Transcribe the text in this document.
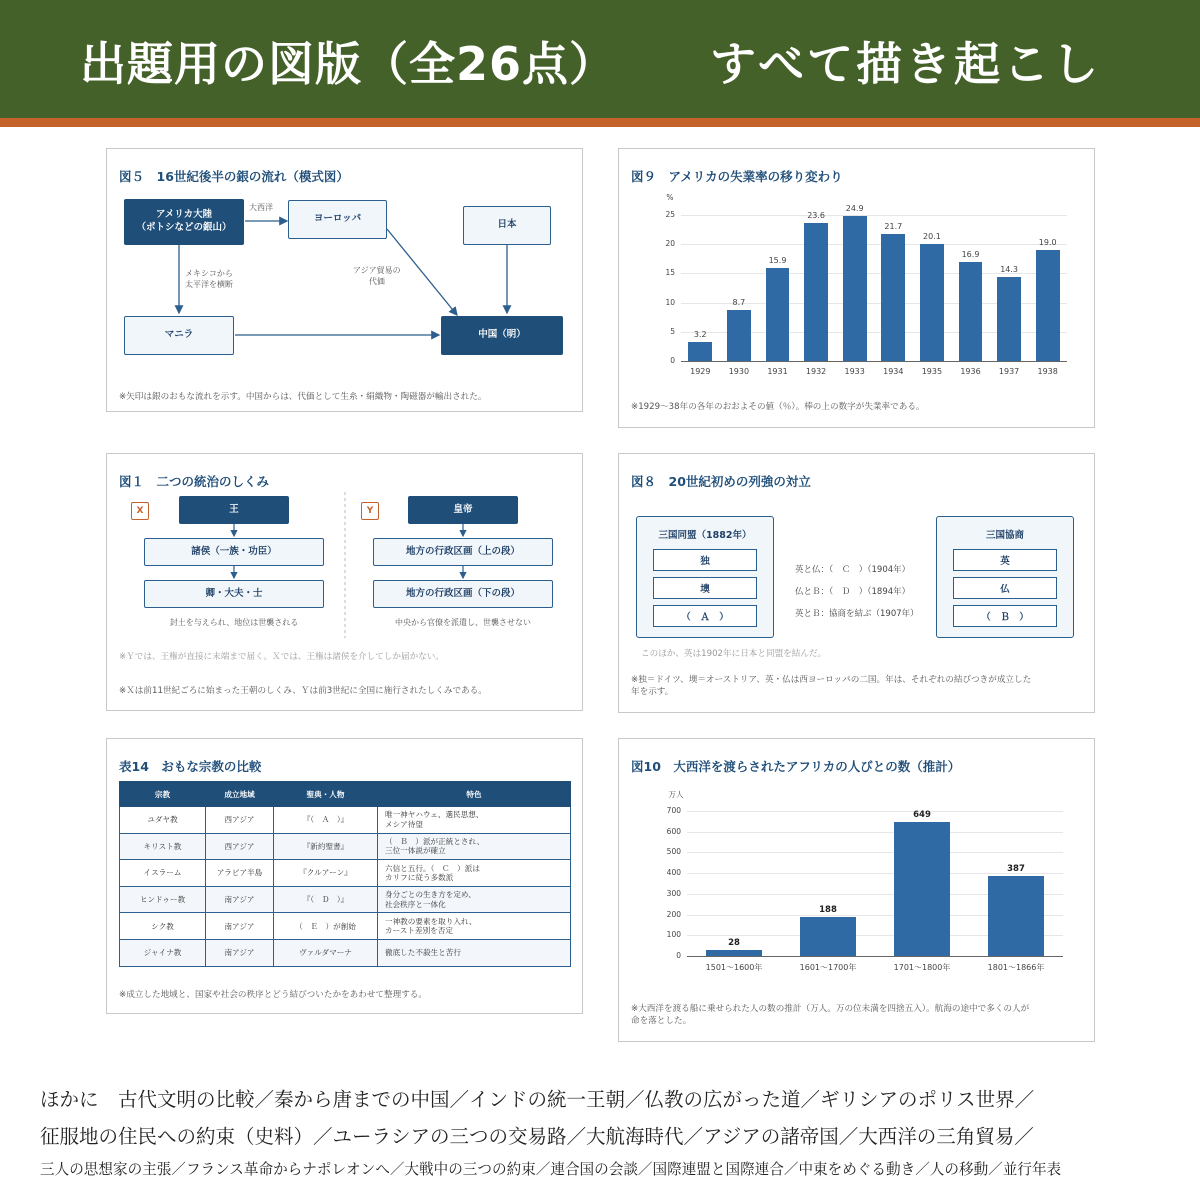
出題用の図版（全26点） すべて描き起こし
図５　16世紀後半の銀の流れ（模式図）
アメリカ大陸
（ポトシなどの銀山）
ヨーロッパ
日本
マニラ	中国（明）
大西洋
メキシコから
太平洋を横断
アジア貿易の
代価
※矢印は銀のおもな流れを示す。中国からは、代価として生糸・絹織物・陶磁器が輸出された。
図９　アメリカの失業率の移り変わり
%
0
5
10
15
20
25
3.2
1929
8.7
1930
15.9
1931
23.6
1932
24.9
1933
21.7
1934
20.1
1935
16.9
1936
14.3
1937
19.0
1938
※1929〜38年の各年のおおよその値（％）。棒の上の数字が失業率である。
図１　二つの統治のしくみ
X	Y
王
諸侯（一族・功臣）
卿・大夫・士
封土を与えられ、地位は世襲される
皇帝
地方の行政区画（上の段）
地方の行政区画（下の段）
中央から官僚を派遣し、世襲させない
※Ｙでは、王権が直接に末端まで届く。Ｘでは、王権は諸侯を介してしか届かない。
※Ｘは前11世紀ごろに始まった王朝のしくみ、Ｙは前3世紀に全国に施行されたしくみである。
図８　20世紀初めの列強の対立
三国同盟（1882年）
独
墺
（　Ａ　）
三国協商
英
仏
（　Ｂ　）
英と仏：（　Ｃ　）（1904年）
仏とＢ：（　Ｄ　）（1894年）
英とＢ：協商を結ぶ（1907年）
このほか、英は1902年に日本と同盟を結んだ。
※独＝ドイツ、墺＝オーストリア、英・仏は西ヨーロッパの二国。年は、それぞれの結びつきが成立した
年を示す。
表14　おもな宗教の比較
宗教	成立地域	聖典・人物	特色
ユダヤ教	西アジア	『（　Ａ　）』	唯一神ヤハウェ、選民思想、
メシア待望
キリスト教	西アジア	『新約聖書』	（　Ｂ　）派が正統とされ、
三位一体説が確立
イスラーム	アラビア半島	『クルアーン』	六信と五行。（　Ｃ　）派は
カリフに従う多数派
ヒンドゥー教	南アジア	『（　Ｄ　）』	身分ごとの生き方を定め、
社会秩序と一体化
シク教	南アジア	（　Ｅ　）が創始	一神教の要素を取り入れ、
カースト差別を否定
ジャイナ教	南アジア	ヴァルダマーナ	徹底した不殺生と苦行
※成立した地域と、国家や社会の秩序とどう結びついたかをあわせて整理する。
図10　大西洋を渡らされたアフリカの人びとの数（推計）
万人
0
100
200
300
400
500
600
700
28
1501〜1600年
188
1601〜1700年
649
1701〜1800年
387
1801〜1866年
※大西洋を渡る船に乗せられた人の数の推計（万人。万の位未満を四捨五入）。航海の途中で多くの人が
命を落とした。
ほかに　古代文明の比較／秦から唐までの中国／インドの統一王朝／仏教の広がった道／ギリシアのポリス世界／
征服地の住民への約束（史料）／ユーラシアの三つの交易路／大航海時代／アジアの諸帝国／大西洋の三角貿易／
三人の思想家の主張／フランス革命からナポレオンへ／大戦中の三つの約束／連合国の会談／国際連盟と国際連合／中東をめぐる動き／人の移動／並行年表
